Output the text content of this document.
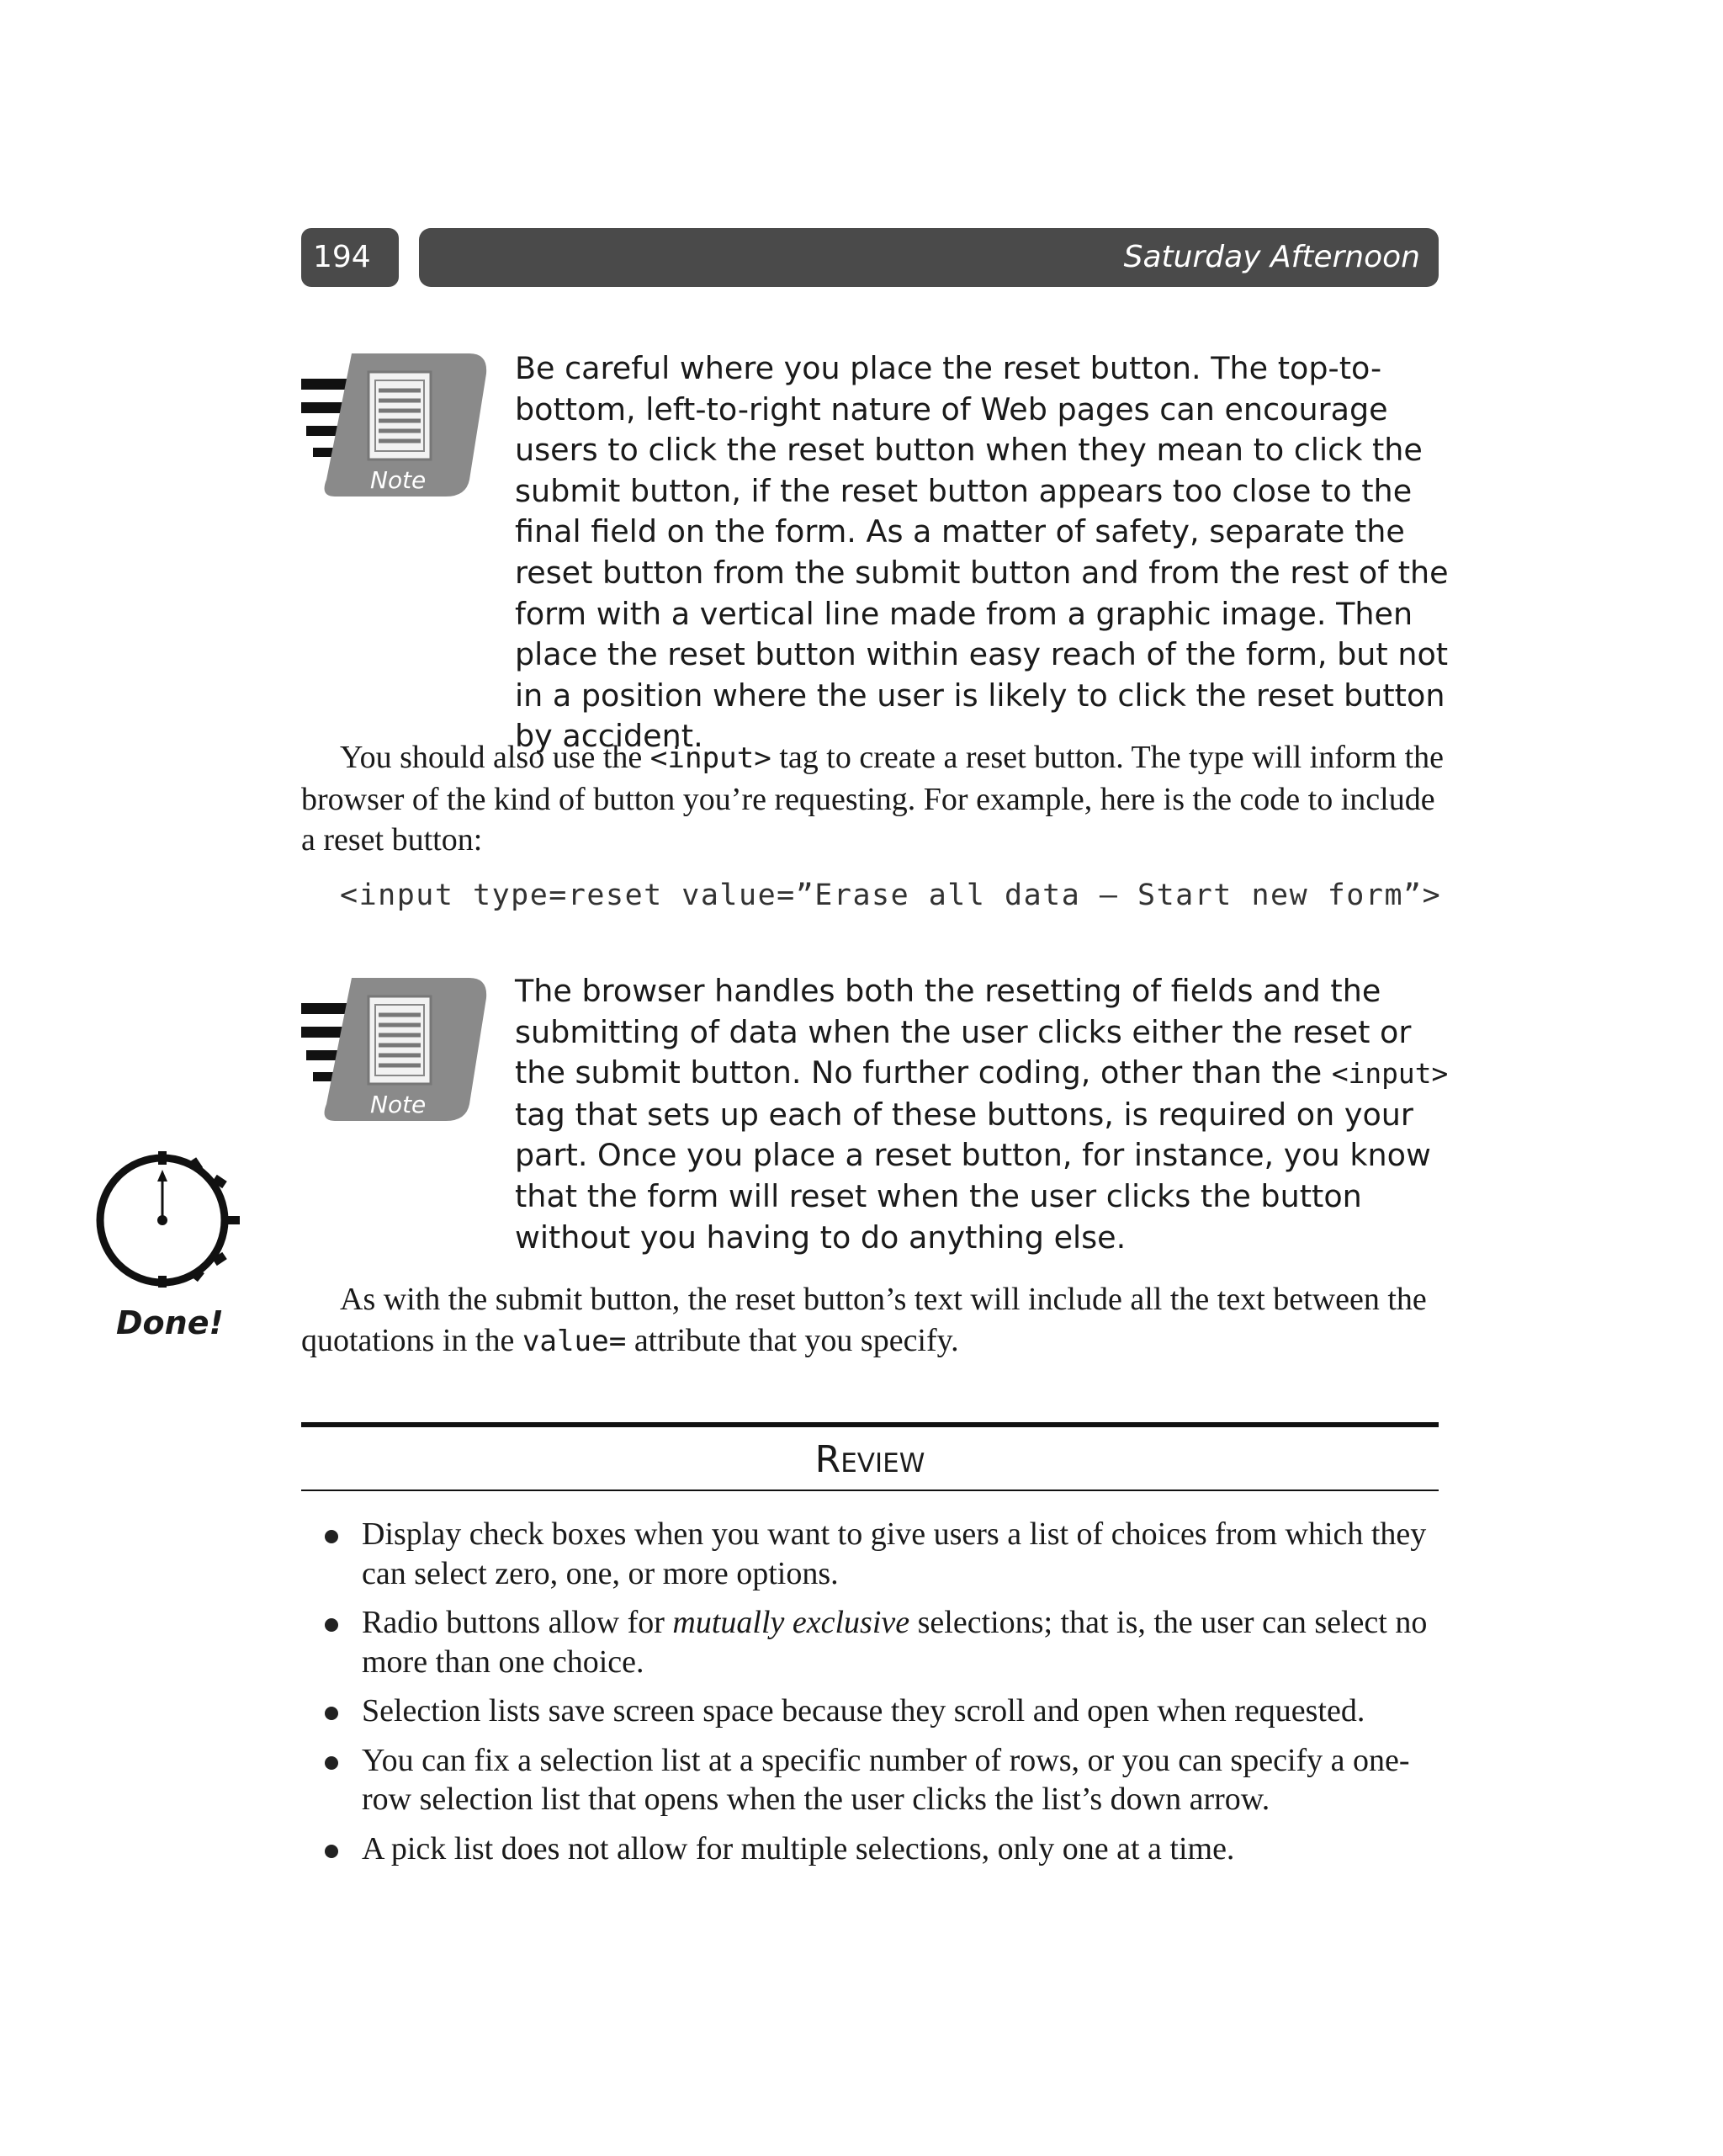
194	Saturday Afternoon
Note
Be careful where you place the reset button. The top-to-bottom, left-to-right nature of Web pages can encourage users to click the reset button when they mean to click the submit button, if the reset button appears too close to the final field on the form. As a matter of safety, separate the reset button from the submit button and from the rest of the form with a vertical line made from a graphic image. Then place the reset button within easy reach of the form, but not in a position where the user is likely to click the reset button by accident.
You should also use the <input> tag to create a reset button. The type will inform the browser of the kind of button you’re requesting. For example, here is the code to include a reset button:
<input type=reset value=”Erase all data – Start new form”>
Note
The browser handles both the resetting of fields and the submitting of data when the user clicks either the reset or the submit button. No further coding, other than the <input> tag that sets up each of these buttons, is required on your part. Once you place a reset button, for instance, you know that the form will reset when the user clicks the button without you having to do anything else.
Done!
As with the submit button, the reset button’s text will include all the text between the quotations in the value= attribute that you specify.
Review
Display check boxes when you want to give users a list of choices from which they can select zero, one, or more options.
Radio buttons allow for mutually exclusive selections; that is, the user can select no more than one choice.
Selection lists save screen space because they scroll and open when requested.
You can fix a selection list at a specific number of rows, or you can specify a one-row selection list that opens when the user clicks the list’s down arrow.
A pick list does not allow for multiple selections, only one at a time.
